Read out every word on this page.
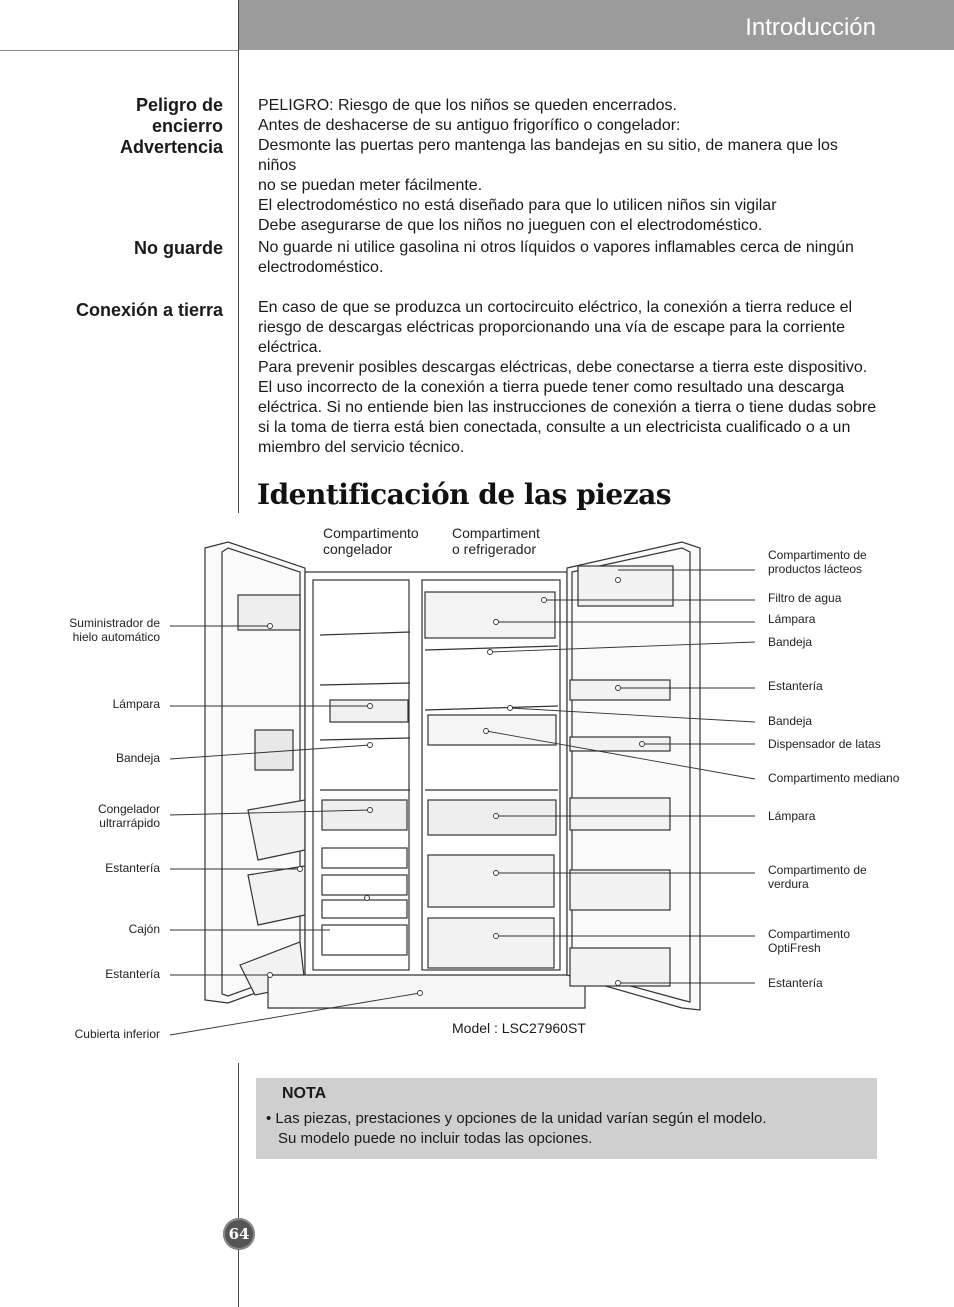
Introducción
Peligro de
encierro
Advertencia
PELIGRO: Riesgo de que los niños se queden encerrados.
Antes de deshacerse de su antiguo frigorífico o congelador:
Desmonte las puertas pero mantenga las bandejas en su sitio, de manera que los niños
no se puedan meter fácilmente.
El electrodoméstico no está diseñado para que lo utilicen niños sin vigilar
Debe asegurarse de que los niños no jueguen con el electrodoméstico.
No guarde No guarde ni utilice gasolina ni otros líquidos o vapores inflamables cerca de ningún
electrodoméstico.
Conexión a tierra En caso de que se produzca un cortocircuito eléctrico, la conexión a tierra reduce el
riesgo de descargas eléctricas proporcionando una vía de escape para la corriente
eléctrica.
Para prevenir posibles descargas eléctricas, debe conectarse a tierra este dispositivo.
El uso incorrecto de la conexión a tierra puede tener como resultado una descarga
eléctrica. Si no entiende bien las instrucciones de conexión a tierra o tiene dudas sobre
si la toma de tierra está bien conectada, consulte a un electricista cualificado o a un
miembro del servicio técnico.
Identificación de las piezas
Compartimento
congelador
Compartiment
o refrigerador
Suministrador de
hielo automático
Lámpara
Bandeja
Congelador
ultrarrápido
Estantería
Cajón
Estantería
Cubierta inferior
Compartimento de
productos lácteos
Filtro de agua
Lámpara
Bandeja
Estantería
Bandeja
Dispensador de latas
Compartimento mediano
Lámpara
Compartimento de
verdura
Compartimento
OptiFresh
Estantería
Model : LSC27960ST
NOTA
• Las piezas, prestaciones y opciones de la unidad varían según el modelo.
Su modelo puede no incluir todas las opciones.
64
